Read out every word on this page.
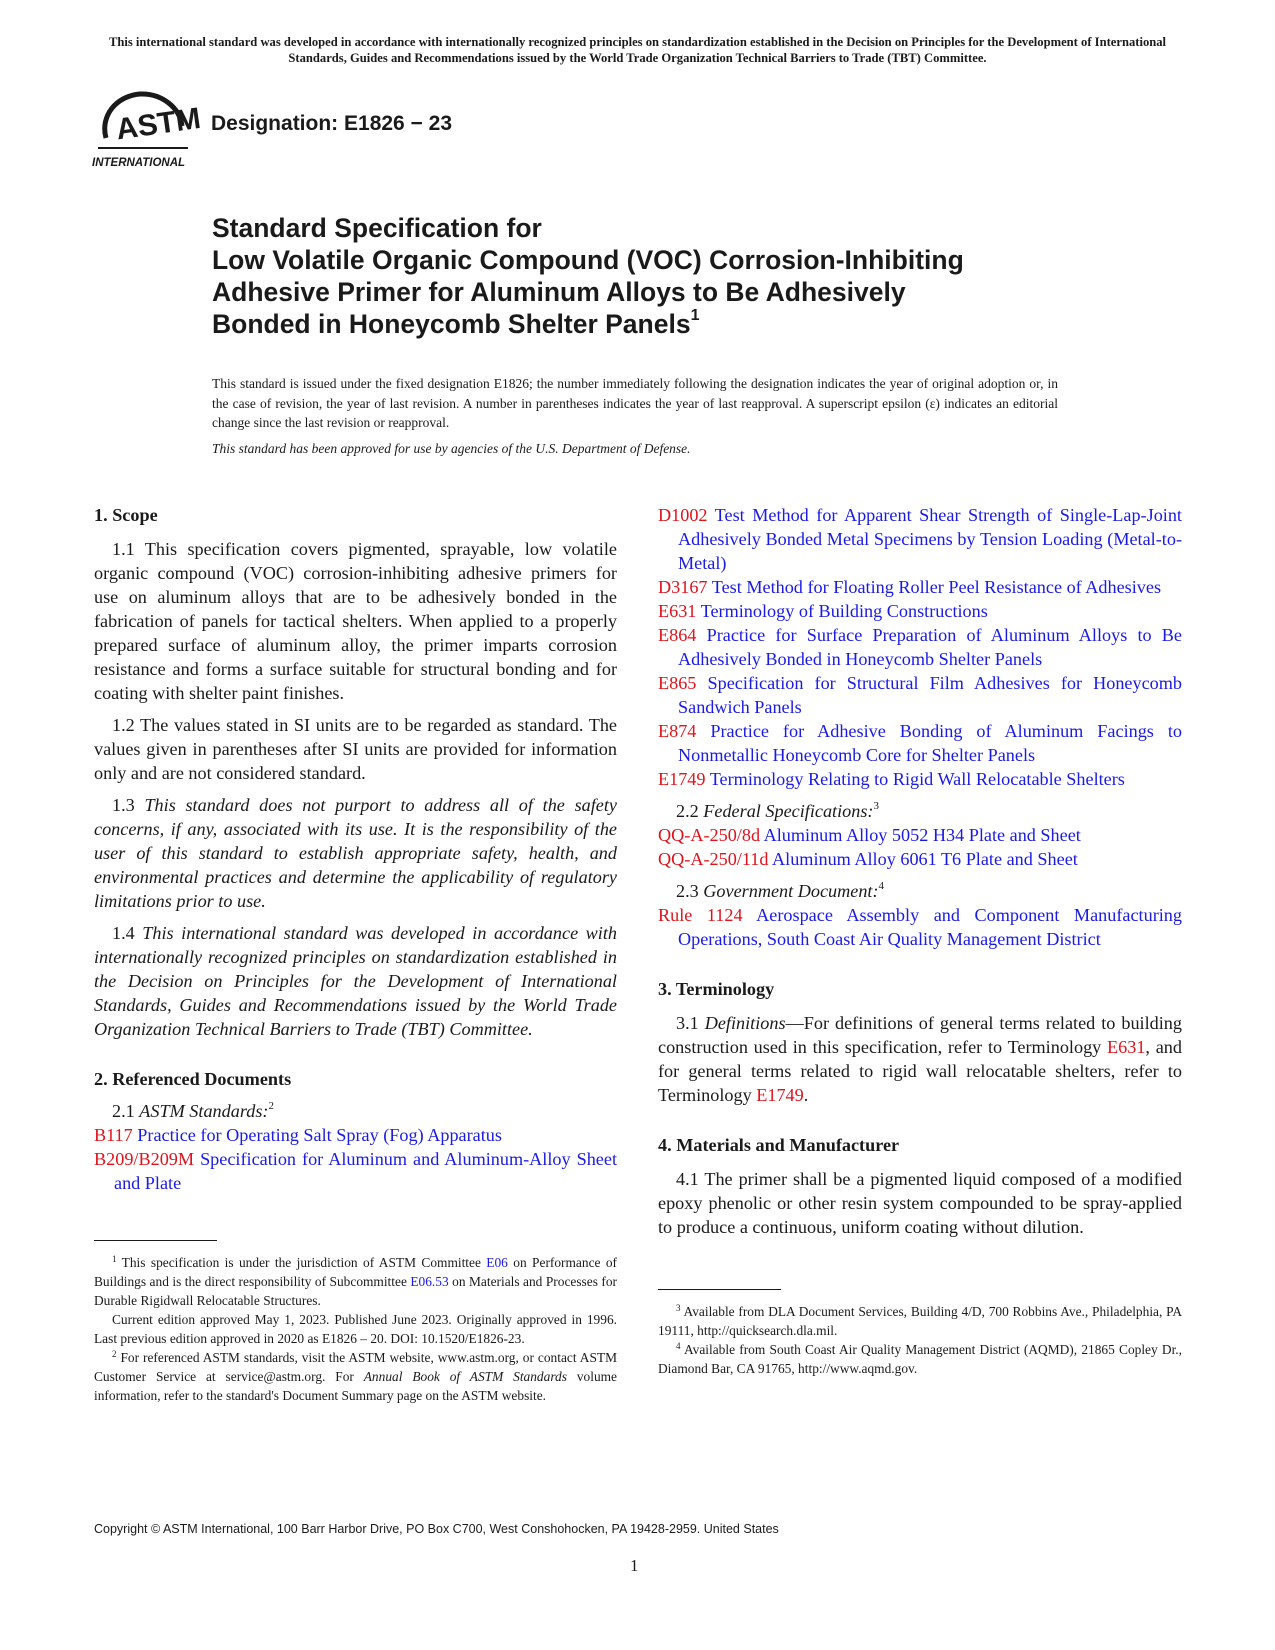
This international standard was developed in accordance with internationally recognized principles on standardization established in the Decision on Principles for the Development of International Standards, Guides and Recommendations issued by the World Trade Organization Technical Barriers to Trade (TBT) Committee.
ASTM
INTERNATIONAL
Designation: E1826 − 23
Standard Specification for
Low Volatile Organic Compound (VOC) Corrosion-Inhibiting
Adhesive Primer for Aluminum Alloys to Be Adhesively
Bonded in Honeycomb Shelter Panels$^1$
This standard is issued under the fixed designation E1826; the number immediately following the designation indicates the year of original adoption or, in the case of revision, the year of last revision. A number in parentheses indicates the year of last reapproval. A superscript epsilon (ε) indicates an editorial change since the last revision or reapproval.
This standard has been approved for use by agencies of the U.S. Department of Defense.
1. Scope

1.1 This specification covers pigmented, sprayable, low volatile organic compound (VOC) corrosion-inhibiting adhesive primers for use on aluminum alloys that are to be adhesively bonded in the fabrication of panels for tactical shelters. When applied to a properly prepared surface of aluminum alloy, the primer imparts corrosion resistance and forms a surface suitable for structural bonding and for coating with shelter paint finishes.

1.2 The values stated in SI units are to be regarded as standard. The values given in parentheses after SI units are provided for information only and are not considered standard.

1.3 This standard does not purport to address all of the safety concerns, if any, associated with its use. It is the responsibility of the user of this standard to establish appropriate safety, health, and environmental practices and determine the applicability of regulatory limitations prior to use.

1.4 This international standard was developed in accordance with internationally recognized principles on standardization established in the Decision on Principles for the Development of International Standards, Guides and Recommendations issued by the World Trade Organization Technical Barriers to Trade (TBT) Committee.

2. Referenced Documents

2.1 ASTM Standards:$^2$

B117 Practice for Operating Salt Spray (Fog) Apparatus

B209/B209M Specification for Aluminum and Aluminum-Alloy Sheet and Plate

$^1$ This specification is under the jurisdiction of ASTM Committee E06 on Performance of Buildings and is the direct responsibility of Subcommittee E06.53 on Materials and Processes for Durable Rigidwall Relocatable Structures.

Current edition approved May 1, 2023. Published June 2023. Originally approved in 1996. Last previous edition approved in 2020 as E1826 – 20. DOI: 10.1520/E1826-23.

$^2$ For referenced ASTM standards, visit the ASTM website, www.astm.org, or contact ASTM Customer Service at service@astm.org. For Annual Book of ASTM Standards volume information, refer to the standard's Document Summary page on the ASTM website.

D1002 Test Method for Apparent Shear Strength of Single-Lap-Joint Adhesively Bonded Metal Specimens by Tension Loading (Metal-to-Metal)

D3167 Test Method for Floating Roller Peel Resistance of Adhesives

E631 Terminology of Building Constructions

E864 Practice for Surface Preparation of Aluminum Alloys to Be Adhesively Bonded in Honeycomb Shelter Panels

E865 Specification for Structural Film Adhesives for Honeycomb Sandwich Panels

E874 Practice for Adhesive Bonding of Aluminum Facings to Nonmetallic Honeycomb Core for Shelter Panels

E1749 Terminology Relating to Rigid Wall Relocatable Shelters

2.2 Federal Specifications:$^3$

QQ-A-250/8d Aluminum Alloy 5052 H34 Plate and Sheet

QQ-A-250/11d Aluminum Alloy 6061 T6 Plate and Sheet

2.3 Government Document:$^4$

Rule 1124 Aerospace Assembly and Component Manufacturing Operations, South Coast Air Quality Management District

3. Terminology

3.1 Definitions—For definitions of general terms related to building construction used in this specification, refer to Terminology E631, and for general terms related to rigid wall relocatable shelters, refer to Terminology E1749.

4. Materials and Manufacturer

4.1 The primer shall be a pigmented liquid composed of a modified epoxy phenolic or other resin system compounded to be spray-applied to produce a continuous, uniform coating without dilution.

$^3$ Available from DLA Document Services, Building 4/D, 700 Robbins Ave., Philadelphia, PA 19111, http://quicksearch.dla.mil.

$^4$ Available from South Coast Air Quality Management District (AQMD), 21865 Copley Dr., Diamond Bar, CA 91765, http://www.aqmd.gov.

Copyright © ASTM International, 100 Barr Harbor Drive, PO Box C700, West Conshohocken, PA 19428-2959. United States
1
